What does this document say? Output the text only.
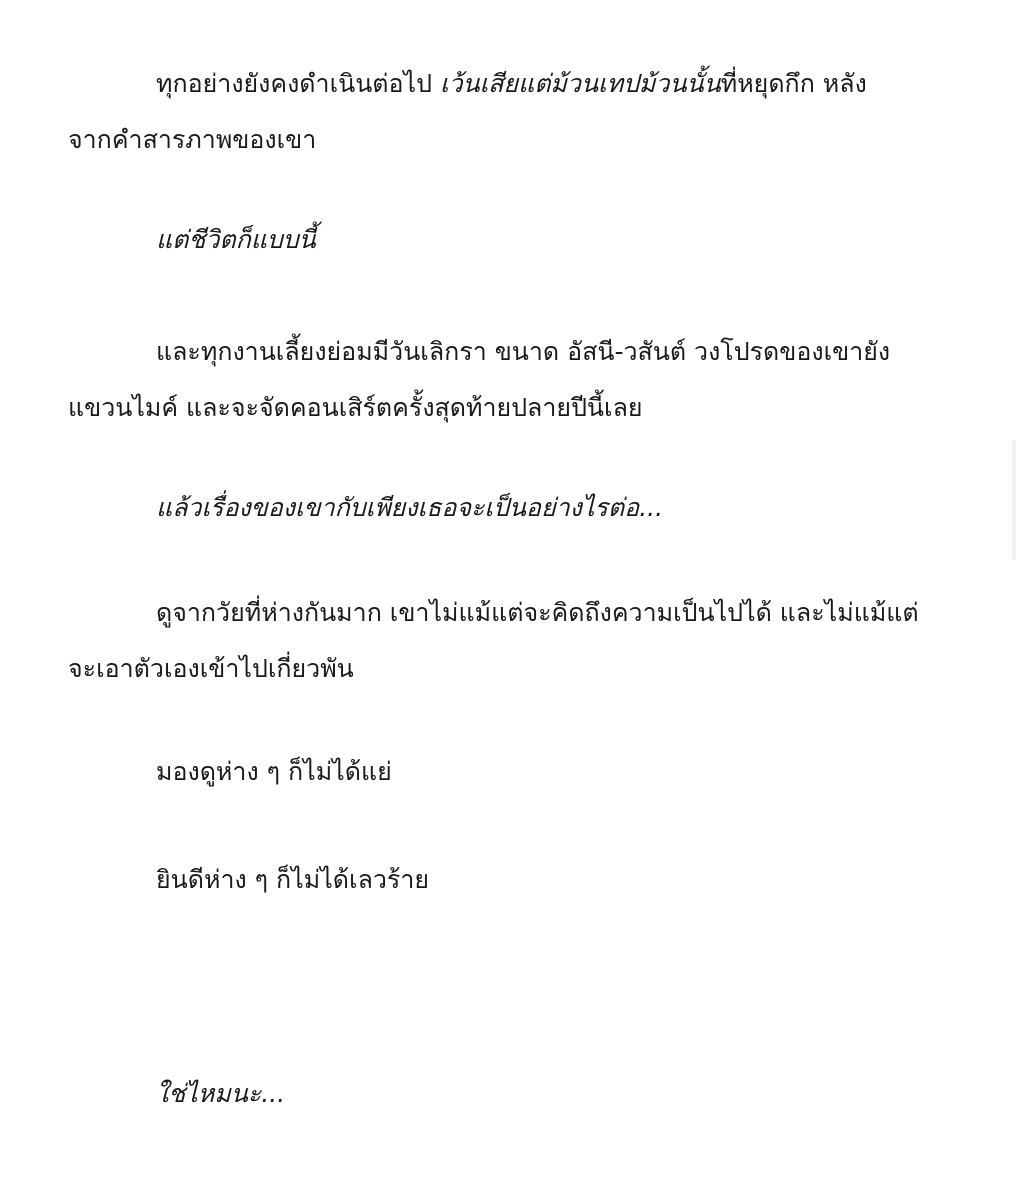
ทุกอย่างยังคงดำเนินต่อไป เว้นเสียแต่ม้วนเทปม้วนนั้นที่หยุดกึก หลัง
จากคำสารภาพของเขา

แต่ชีวิตก็แบบนี้

และทุกงานเลี้ยงย่อมมีวันเลิกรา ขนาด อัสนี-วสันต์ วงโปรดของเขายัง
แขวนไมค์ และจะจัดคอนเสิร์ตครั้งสุดท้ายปลายปีนี้เลย

แล้วเรื่องของเขากับเพียงเธอจะเป็นอย่างไรต่อ...

ดูจากวัยที่ห่างกันมาก เขาไม่แม้แต่จะคิดถึงความเป็นไปได้ และไม่แม้แต่
จะเอาตัวเองเข้าไปเกี่ยวพัน

มองดูห่าง ๆ ก็ไม่ได้แย่

ยินดีห่าง ๆ ก็ไม่ได้เลวร้าย

ใช่ไหมนะ...
